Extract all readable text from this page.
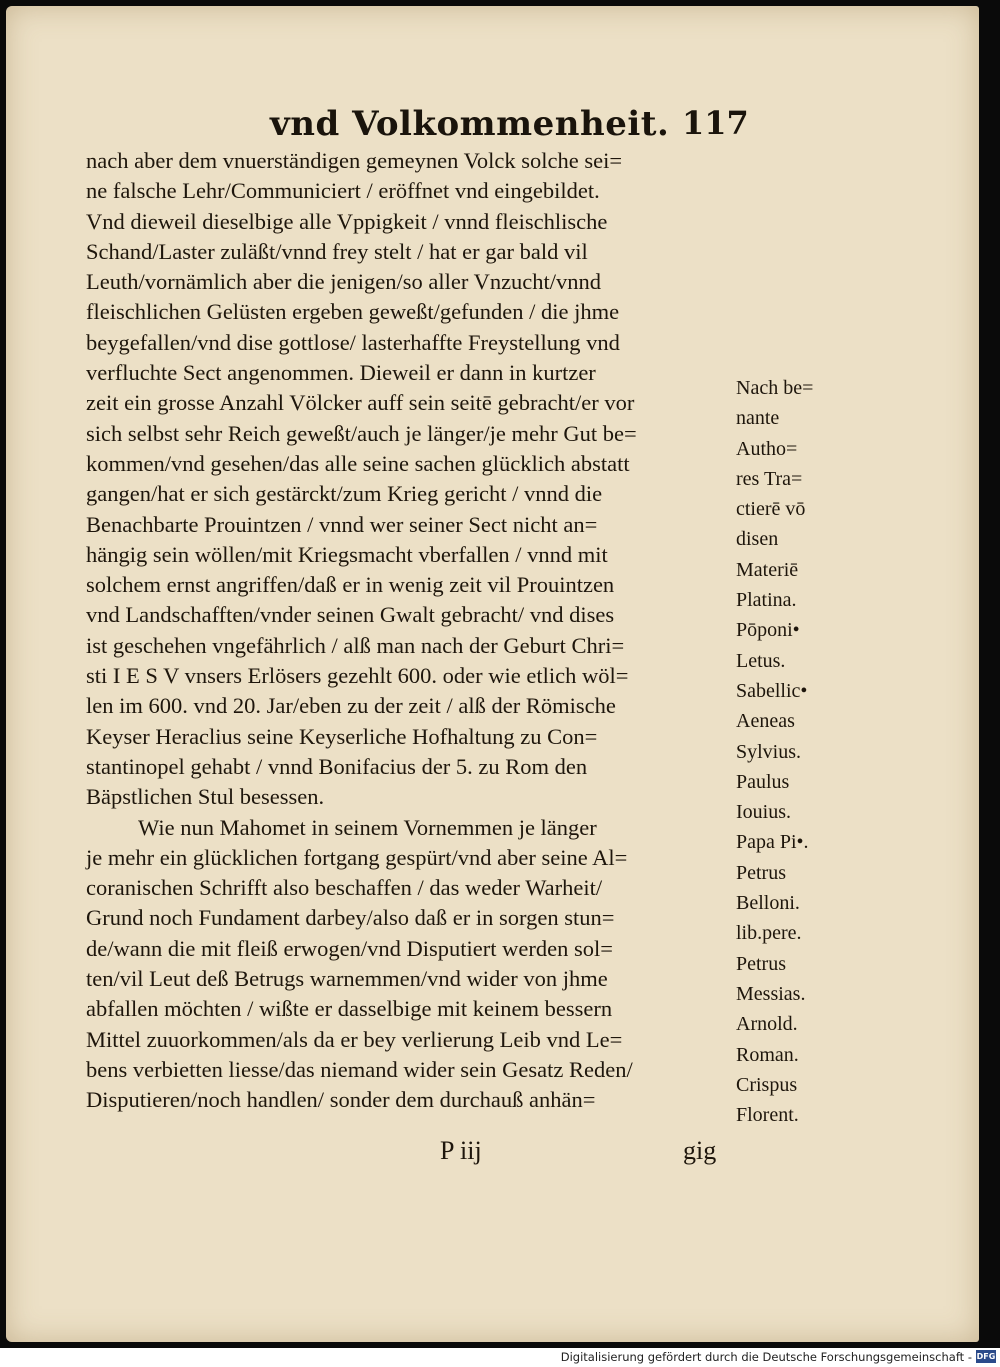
vnd Volkommenheit. 117
nach aber dem vnuerständigen gemeynen Volck solche sei=
ne falsche Lehr/Communiciert / eröffnet vnd eingebildet.
Vnd dieweil dieselbige alle Vppigkeit / vnnd fleischlische
Schand/Laster zuläßt/vnnd frey stelt / hat er gar bald vil
Leuth/vornämlich aber die jenigen/so aller Vnzucht/vnnd
fleischlichen Gelüsten ergeben geweßt/gefunden / die jhme
beygefallen/vnd dise gottlose/ lasterhaffte Freystellung vnd
verfluchte Sect angenommen. Dieweil er dann in kurtzer
zeit ein grosse Anzahl Völcker auff sein seitē gebracht/er vor
sich selbst sehr Reich geweßt/auch je länger/je mehr Gut be=
kommen/vnd gesehen/das alle seine sachen glücklich abstatt
gangen/hat er sich gestärckt/zum Krieg gericht / vnnd die
Benachbarte Prouintzen / vnnd wer seiner Sect nicht an=
hängig sein wöllen/mit Kriegsmacht vberfallen / vnnd mit
solchem ernst angriffen/daß er in wenig zeit vil Prouintzen
vnd Landschafften/vnder seinen Gwalt gebracht/ vnd dises
ist geschehen vngefährlich / alß man nach der Geburt Chri=
sti I E S V vnsers Erlösers gezehlt 600. oder wie etlich wöl=
len im 600. vnd 20. Jar/eben zu der zeit / alß der Römische
Keyser Heraclius seine Keyserliche Hofhaltung zu Con=
stantinopel gehabt / vnnd Bonifacius der 5. zu Rom den
Bäpstlichen Stul besessen.
Wie nun Mahomet in seinem Vornemmen je länger
je mehr ein glücklichen fortgang gespürt/vnd aber seine Al=
coranischen Schrifft also beschaffen / das weder Warheit/
Grund noch Fundament darbey/also daß er in sorgen stun=
de/wann die mit fleiß erwogen/vnd Disputiert werden sol=
ten/vil Leut deß Betrugs warnemmen/vnd wider von jhme
abfallen möchten / wißte er dasselbige mit keinem bessern
Mittel zuuorkommen/als da er bey verlierung Leib vnd Le=
bens verbietten liesse/das niemand wider sein Gesatz Reden/
Disputieren/noch handlen/ sonder dem durchauß anhän=
Nach be=
nante
Autho=
res Tra=
ctierē vō
disen
Materiē
Platina.
Pōponi•
Letus.
Sabellic•
Aeneas
Sylvius.
Paulus
Iouius.
Papa Pi•.
Petrus
Belloni.
lib.pere.
Petrus
Messias.
Arnold.
Roman.
Crispus
Florent.
P iij	gig
Digitalisierung gefördert durch die Deutsche Forschungsgemeinschaft - DFG
